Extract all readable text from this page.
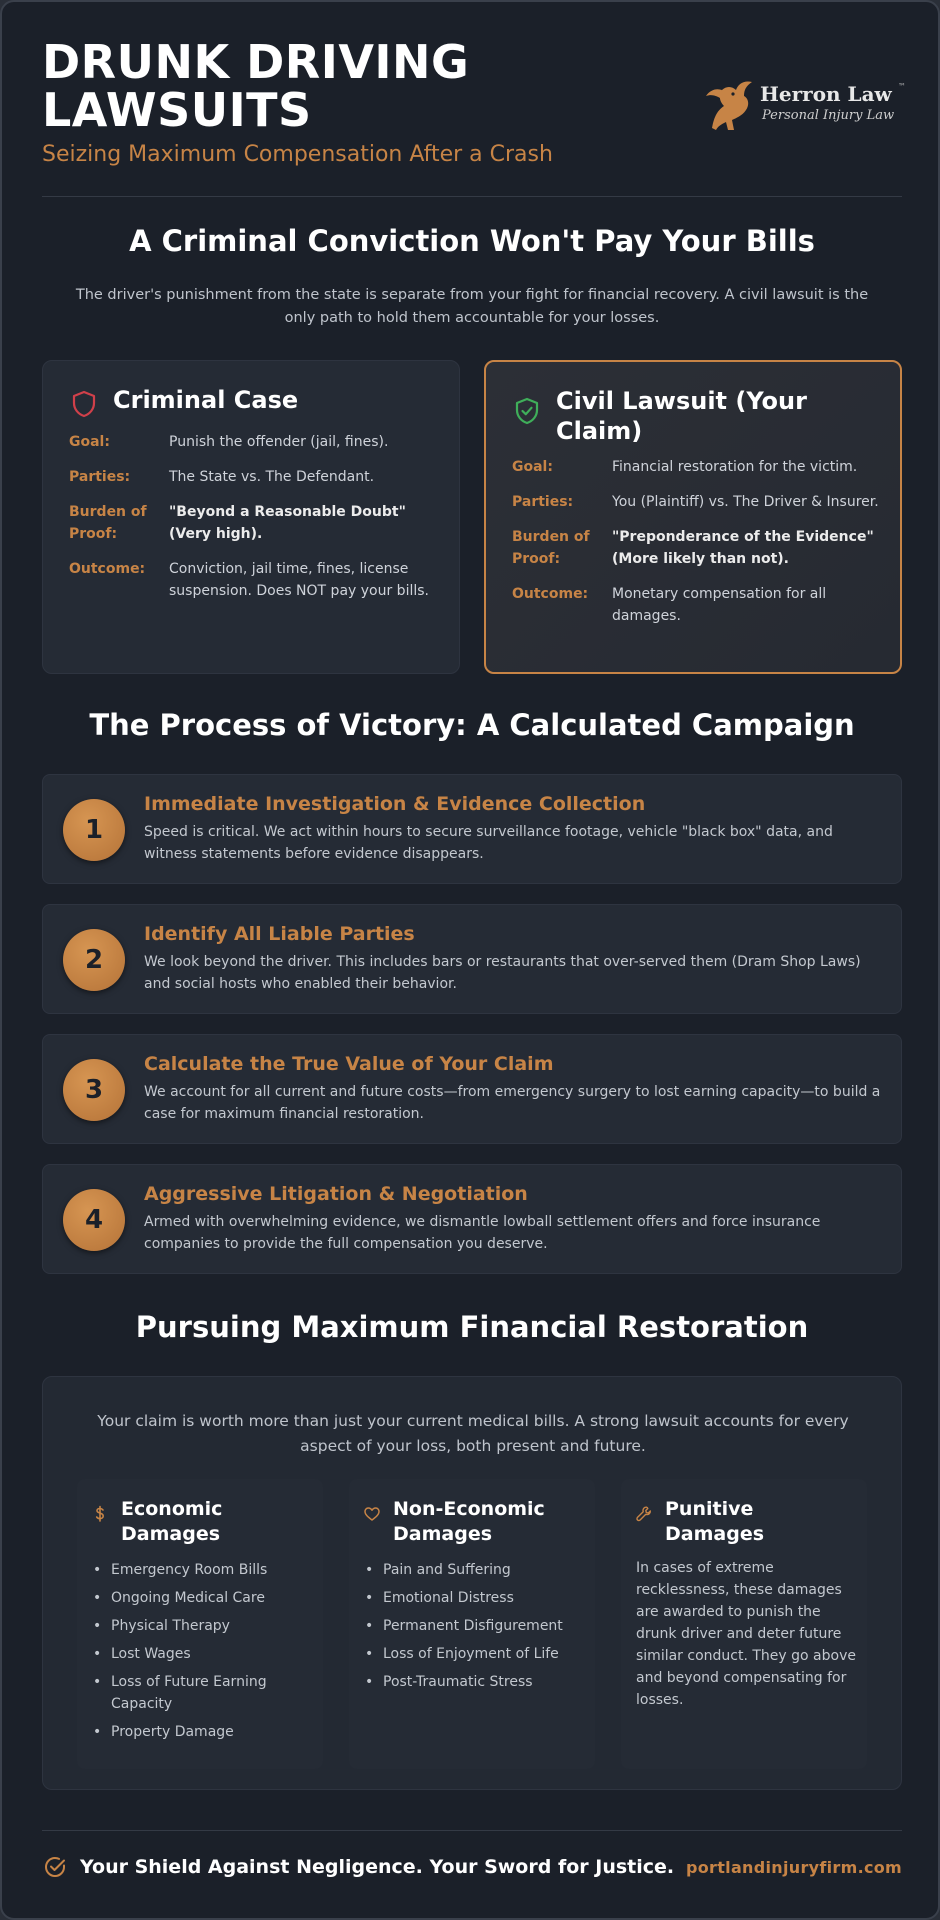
DRUNK DRIVING LAWSUITS
Seizing Maximum Compensation After a Crash
Herron Law ™
Personal Injury Law
A Criminal Conviction Won't Pay Your Bills
The driver's punishment from the state is separate from your fight for financial recovery. A civil lawsuit is the only path to hold them accountable for your losses.
Criminal Case
Goal:	Punish the offender (jail, fines).
Parties:	The State vs. The Defendant.
Burden of Proof:
"Beyond a Reasonable Doubt" (Very high).
Outcome:	Conviction, jail time, fines, license suspension. Does NOT pay your bills.
Civil Lawsuit (Your Claim)
Goal:	Financial restoration for the victim.
Parties:	You (Plaintiff) vs. The Driver & Insurer.
Burden of Proof:
"Preponderance of the Evidence" (More likely than not).
Outcome:	Monetary compensation for all damages.
The Process of Victory: A Calculated Campaign
1
Immediate Investigation & Evidence Collection
Speed is critical. We act within hours to secure surveillance footage, vehicle "black box" data, and witness statements before evidence disappears.
2
Identify All Liable Parties
We look beyond the driver. This includes bars or restaurants that over-served them (Dram Shop Laws) and social hosts who enabled their behavior.
3
Calculate the True Value of Your Claim
We account for all current and future costs—from emergency surgery to lost earning capacity—to build a case for maximum financial restoration.
4
Aggressive Litigation & Negotiation
Armed with overwhelming evidence, we dismantle lowball settlement offers and force insurance companies to provide the full compensation you deserve.
Pursuing Maximum Financial Restoration
Your claim is worth more than just your current medical bills. A strong lawsuit accounts for every aspect of your loss, both present and future.
Economic Damages
• Emergency Room Bills
• Ongoing Medical Care
• Physical Therapy
• Lost Wages
• Loss of Future Earning Capacity
• Property Damage
Non-Economic Damages
• Pain and Suffering
• Emotional Distress
• Permanent Disfigurement
• Loss of Enjoyment of Life
• Post-Traumatic Stress
Punitive Damages
In cases of extreme recklessness, these damages are awarded to punish the drunk driver and deter future similar conduct. They go above and beyond compensating for losses.
Your Shield Against Negligence. Your Sword for Justice. portlandinjuryfirm.com
